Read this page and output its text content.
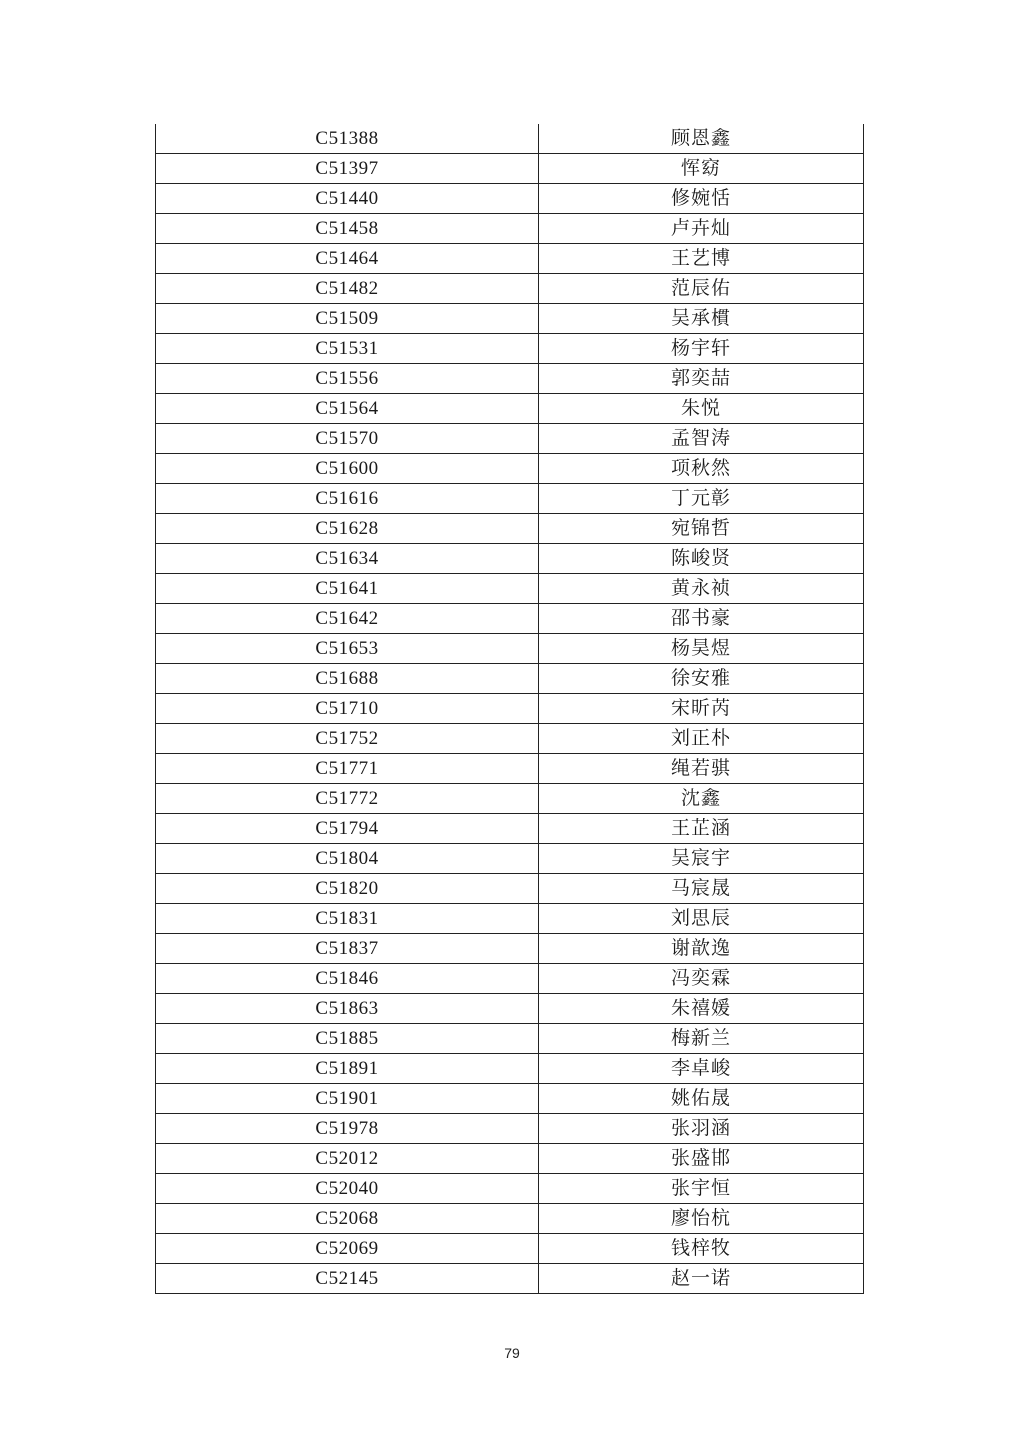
C51388	顾恩鑫
C51397	恽窈
C51440	修婉恬
C51458	卢卉灿
C51464	王艺博
C51482	范辰佑
C51509	吴承樌
C51531	杨宇轩
C51556	郭奕喆
C51564	朱悦
C51570	孟智涛
C51600	项秋然
C51616	丁元彰
C51628	宛锦哲
C51634	陈峻贤
C51641	黄永祯
C51642	邵书豪
C51653	杨昊煜
C51688	徐安雅
C51710	宋昕芮
C51752	刘正朴
C51771	绳若骐
C51772	沈鑫
C51794	王芷涵
C51804	吴宸宇
C51820	马宸晟
C51831	刘思辰
C51837	谢歆逸
C51846	冯奕霖
C51863	朱禧媛
C51885	梅新兰
C51891	李卓峻
C51901	姚佑晟
C51978	张羽涵
C52012	张盛邯
C52040	张宇恒
C52068	廖怡杭
C52069	钱梓牧
C52145	赵一诺
79
